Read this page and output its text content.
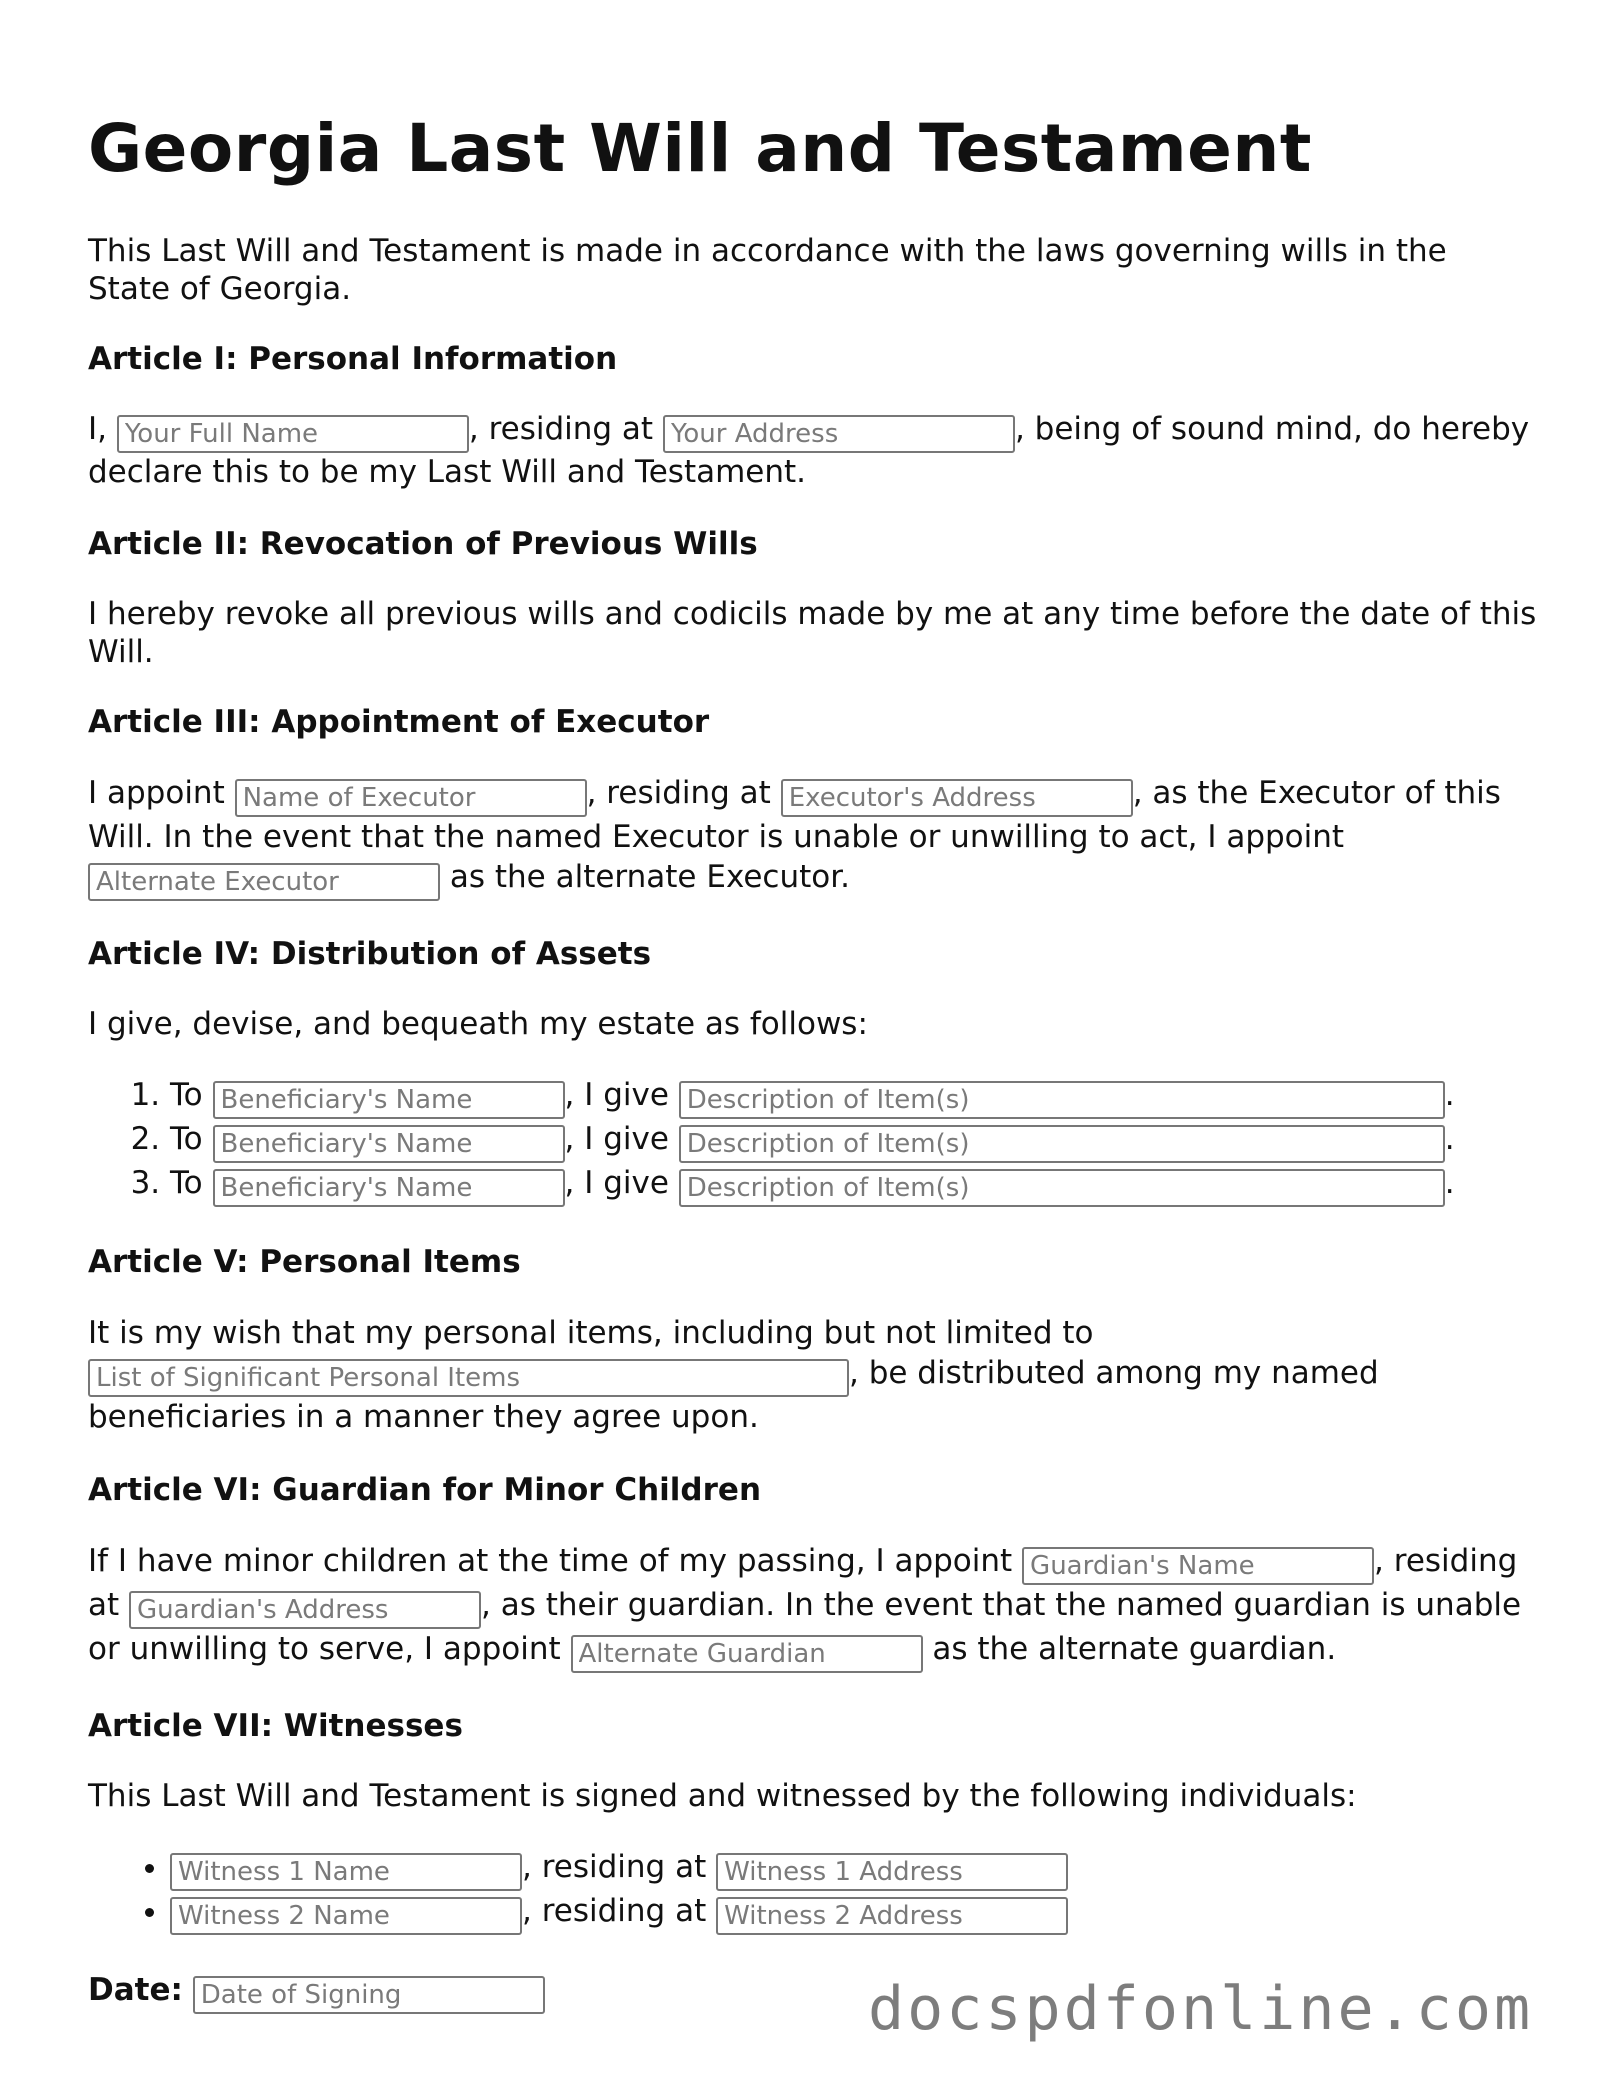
Georgia Last Will and Testament

This Last Will and Testament is made in accordance with the laws governing wills in the State of Georgia.

Article I: Personal Information

I, Your Full Name	, residing at Your Address	, being of sound mind, do hereby declare this to be my Last Will and Testament.

Article II: Revocation of Previous Wills

I hereby revoke all previous wills and codicils made by me at any time before the date of this Will.

Article III: Appointment of Executor

I appoint Name of Executor	, residing at Executor's Address	, as the Executor of this Will. In the event that the named Executor is unable or unwilling to act, I appoint Alternate Executor as the alternate Executor.

Article IV: Distribution of Assets

I give, devise, and bequeath my estate as follows:

1. To Beneficiary's Name	, I give Description of Item(s)	.
2. To Beneficiary's Name	, I give Description of Item(s)	.
3. To Beneficiary's Name	, I give Description of Item(s)	.
Article V: Personal Items

It is my wish that my personal items, including but not limited to List of Significant Personal Items, be distributed among my named beneficiaries in a manner they agree upon.

Article VI: Guardian for Minor Children

If I have minor children at the time of my passing, I appoint Guardian's Name	, residing at Guardian's Address	, as their guardian. In the event that the named guardian is unable or unwilling to serve, I appoint Alternate Guardian	as the alternate guardian.

Article VII: Witnesses

This Last Will and Testament is signed and witnessed by the following individuals:

Witness 1 Name • , residing at Witness 1 Address
Witness 2 Name • , residing at Witness 2 Address

Date: Date of Signing	docspdfonline.com
